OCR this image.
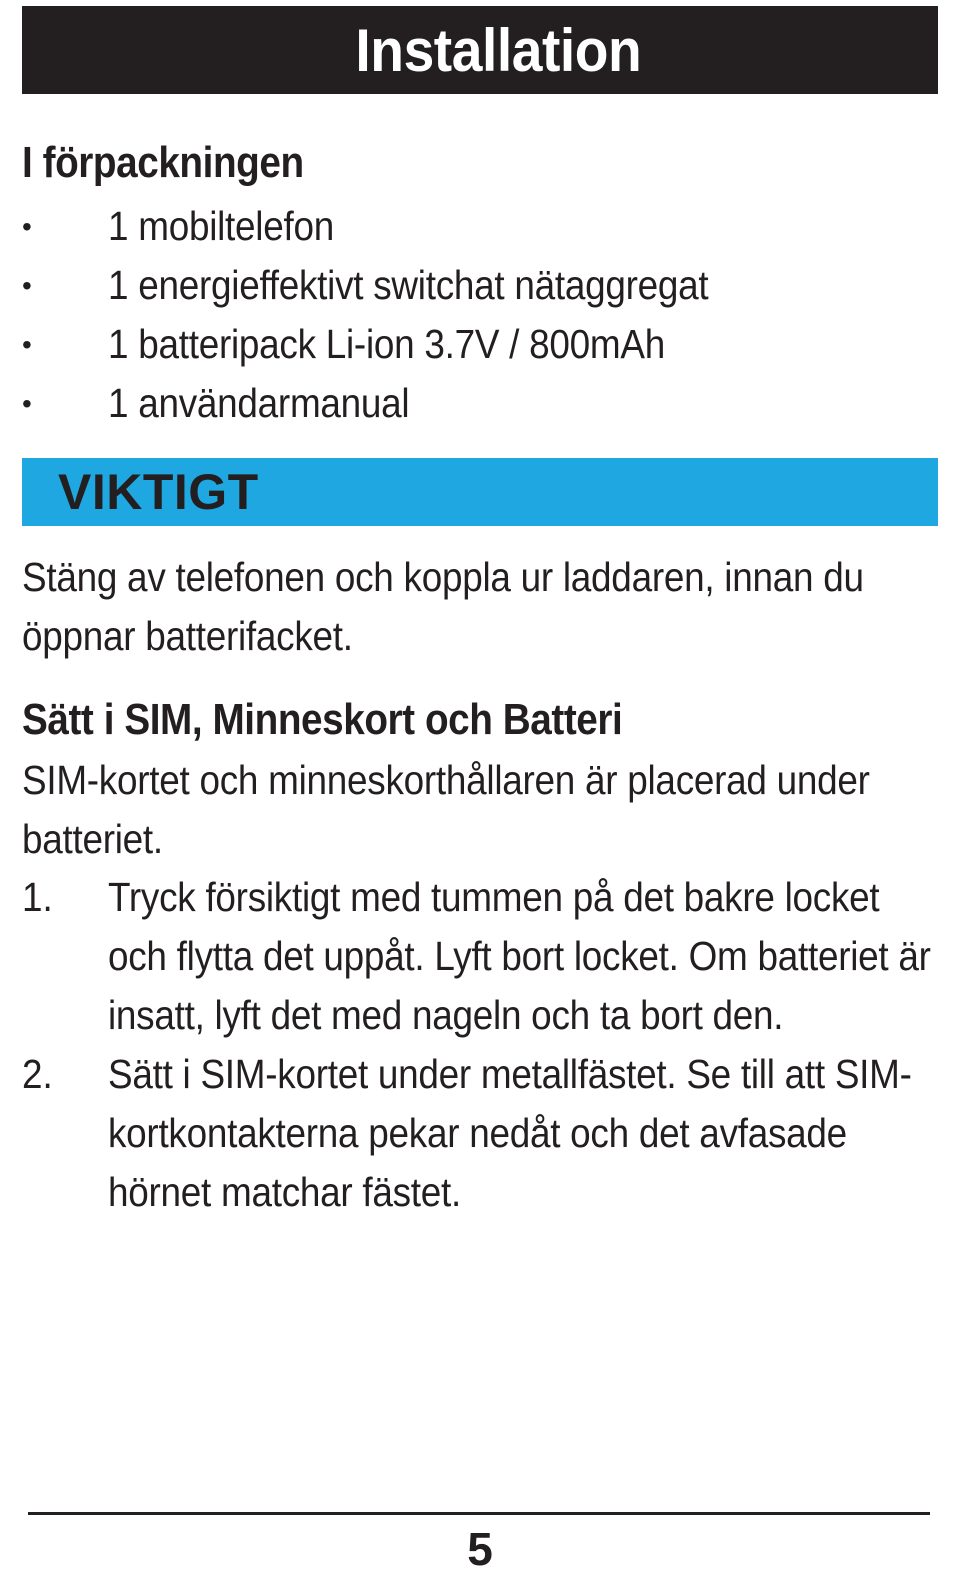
Installation
I förpackningen
•	1 mobiltelefon
•	1 energieffektivt switchat nätaggregat
•	1 batteripack Li-ion 3.7V / 800mAh
•	1 användarmanual
VIKTIGT

Stäng av telefonen och koppla ur laddaren, innan du öppnar batterifacket.

Sätt i SIM, Minneskort och Batteri

SIM-kortet och minneskorthållaren är placerad under batteriet.

1. Tryck försiktigt med tummen på det bakre locket och flytta det uppåt. Lyft bort locket. Om batteriet är insatt, lyft det med nageln och ta bort den.
2. Sätt i SIM-kortet under metallfästet. Se till att SIM-kortkontakterna pekar nedåt och det avfasade hörnet matchar fästet.
5
